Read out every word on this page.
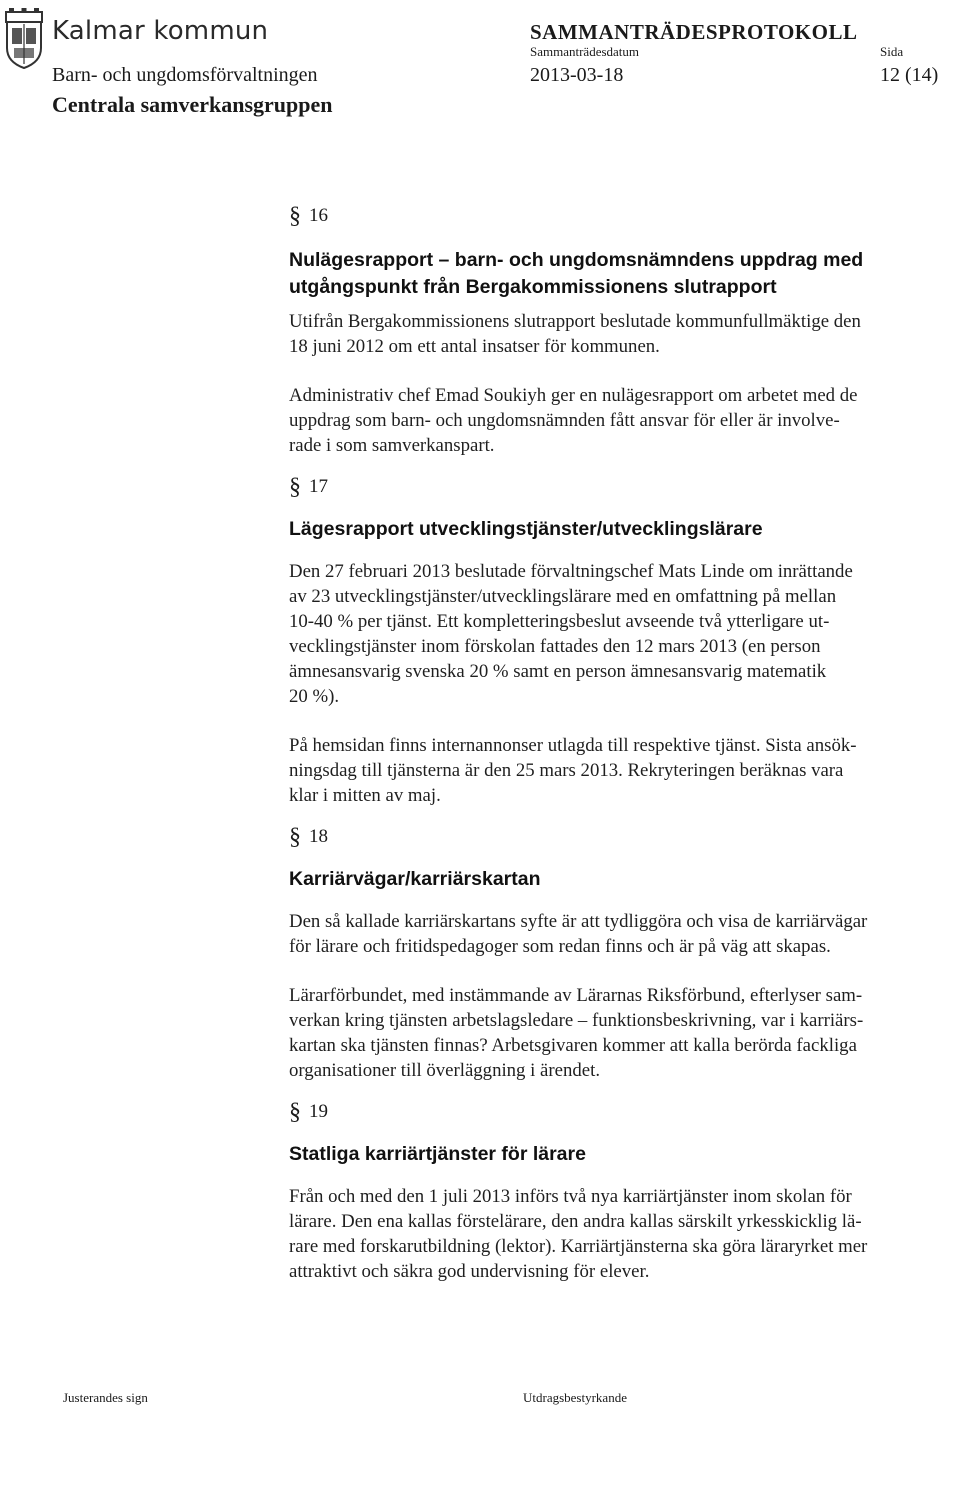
Kalmar kommun	SAMMANTRÄDESPROTOKOLL
Sammanträdesdatum	Sida
Barn- och ungdomsförvaltningen	2013-03-18	12 (14)
Centrala samverkansgruppen
§ 16
Nulägesrapport – barn- och ungdomsnämndens uppdrag med
utgångspunkt från Bergakommissionens slutrapport
Utifrån Bergakommissionens slutrapport beslutade kommunfullmäktige den
18 juni 2012 om ett antal insatser för kommunen.
Administrativ chef Emad Soukiyh ger en nulägesrapport om arbetet med de
uppdrag som barn- och ungdomsnämnden fått ansvar för eller är involve-
rade i som samverkanspart.
§ 17
Lägesrapport utvecklingstjänster/utvecklingslärare
Den 27 februari 2013 beslutade förvaltningschef Mats Linde om inrättande
av 23 utvecklingstjänster/utvecklingslärare med en omfattning på mellan
10-40 % per tjänst. Ett kompletteringsbeslut avseende två ytterligare ut-
vecklingstjänster inom förskolan fattades den 12 mars 2013 (en person
ämnesansvarig svenska 20 % samt en person ämnesansvarig matematik
20 %).
På hemsidan finns internannonser utlagda till respektive tjänst. Sista ansök-
ningsdag till tjänsterna är den 25 mars 2013. Rekryteringen beräknas vara
klar i mitten av maj.
§ 18
Karriärvägar/karriärskartan
Den så kallade karriärskartans syfte är att tydliggöra och visa de karriärvägar
för lärare och fritidspedagoger som redan finns och är på väg att skapas.
Lärarförbundet, med instämmande av Lärarnas Riksförbund, efterlyser sam-
verkan kring tjänsten arbetslagsledare – funktionsbeskrivning, var i karriärs-
kartan ska tjänsten finnas? Arbetsgivaren kommer att kalla berörda fackliga
organisationer till överläggning i ärendet.
§ 19
Statliga karriärtjänster för lärare
Från och med den 1 juli 2013 införs två nya karriärtjänster inom skolan för
lärare. Den ena kallas förstelärare, den andra kallas särskilt yrkesskicklig lä-
rare med forskarutbildning (lektor). Karriärtjänsterna ska göra läraryrket mer
attraktivt och säkra god undervisning för elever.
Justerandes sign	Utdragsbestyrkande
